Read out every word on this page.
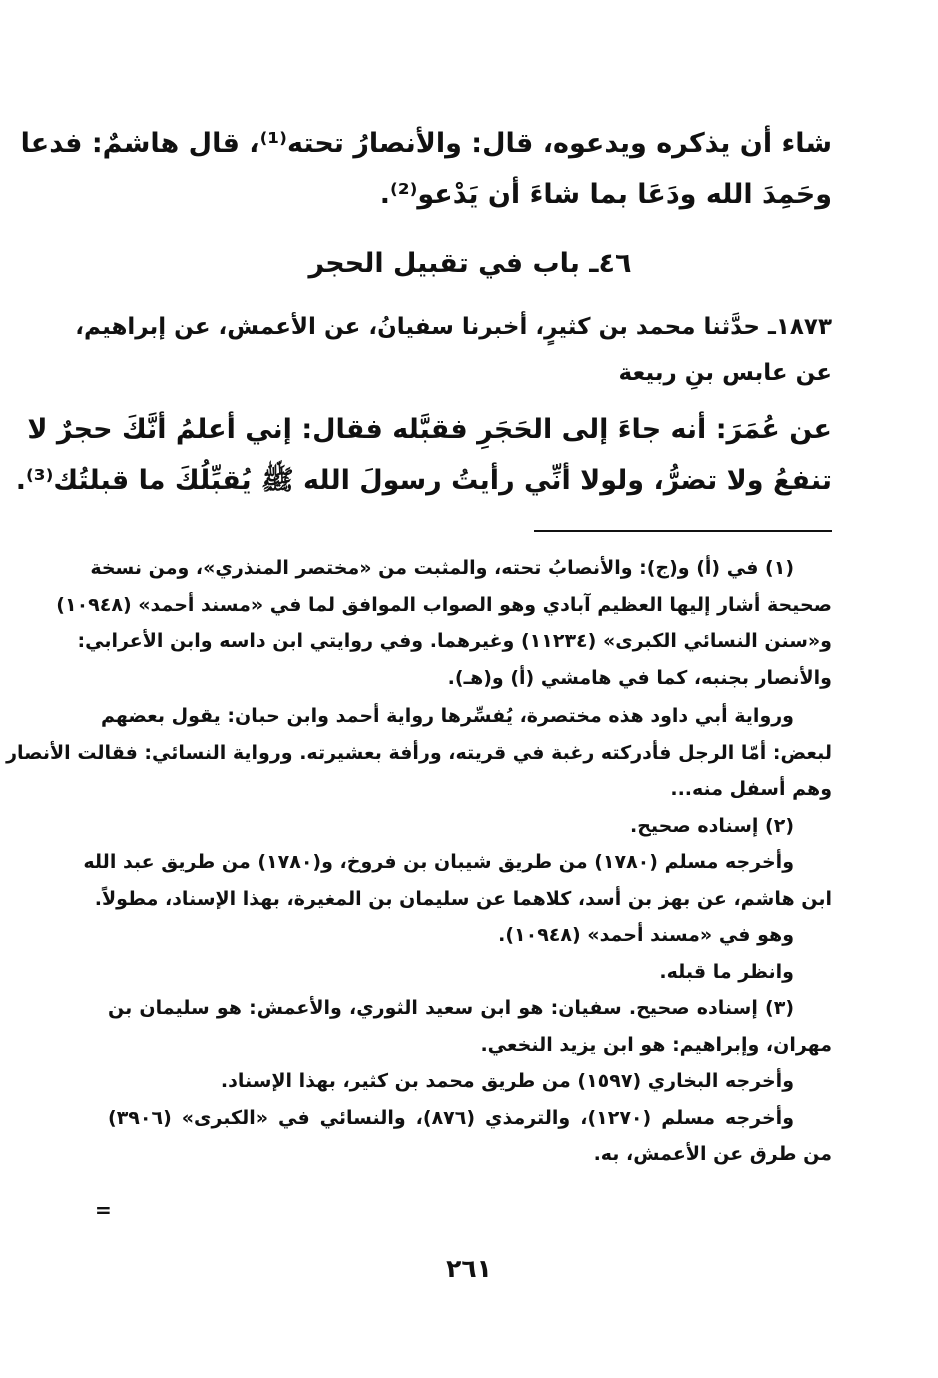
شاء أن يذكره ويدعوه، قال: والأنصارُ تحته⁽¹⁾، قال هاشمٌ: فدعا

وحَمِدَ الله ودَعَا بما شاءَ أن يَدْعو⁽²⁾.

٤٦ـ باب في تقبيل الحجر

١٨٧٣ـ حدَّثنا محمد بن كثيرٍ، أخبرنا سفيانُ، عن الأعمش، عن إبراهيم،

عن عابس بنِ ربيعة

عن عُمَرَ: أنه جاءَ إلى الحَجَرِ فقبَّله فقال: إني أعلمُ أنَّكَ حجرٌ لا

تنفعُ ولا تضرُّ، ولولا أنِّي رأيتُ رسولَ الله ﷺ يُقبِّلُكَ ما قبلتُك⁽³⁾.

(١) في (أ) و(ج): والأنصابُ تحته، والمثبت من «مختصر المنذري»، ومن نسخة

صحيحة أشار إليها العظيم آبادي وهو الصواب الموافق لما في «مسند أحمد» (١٠٩٤٨)

و«سنن النسائي الكبرى» (١١٢٣٤) وغيرهما. وفي روايتي ابن داسه وابن الأعرابي:

والأنصار بجنبه، كما في هامشي (أ) و(هـ).

ورواية أبي داود هذه مختصرة، يُفسِّرها رواية أحمد وابن حبان: يقول بعضهم

لبعض: أمّا الرجل فأدركته رغبة في قريته، ورأفة بعشيرته. ورواية النسائي: فقالت الأنصار

وهم أسفل منه...

(٢) إسناده صحيح.

وأخرجه مسلم (١٧٨٠) من طريق شيبان بن فروخ، و(١٧٨٠) من طريق عبد الله

ابن هاشم، عن بهز بن أسد، كلاهما عن سليمان بن المغيرة، بهذا الإسناد، مطولاً.

وهو في «مسند أحمد» (١٠٩٤٨).

وانظر ما قبله.

(٣) إسناده صحيح. سفيان: هو ابن سعيد الثوري، والأعمش: هو سليمان بن

مهران، وإبراهيم: هو ابن يزيد النخعي.

وأخرجه البخاري (١٥٩٧) من طريق محمد بن كثير، بهذا الإسناد.

وأخرجه مسلم (١٢٧٠)، والترمذي (٨٧٦)، والنسائي في «الكبرى» (٣٩٠٦)

من طرق عن الأعمش، به.

=
٢٦١
